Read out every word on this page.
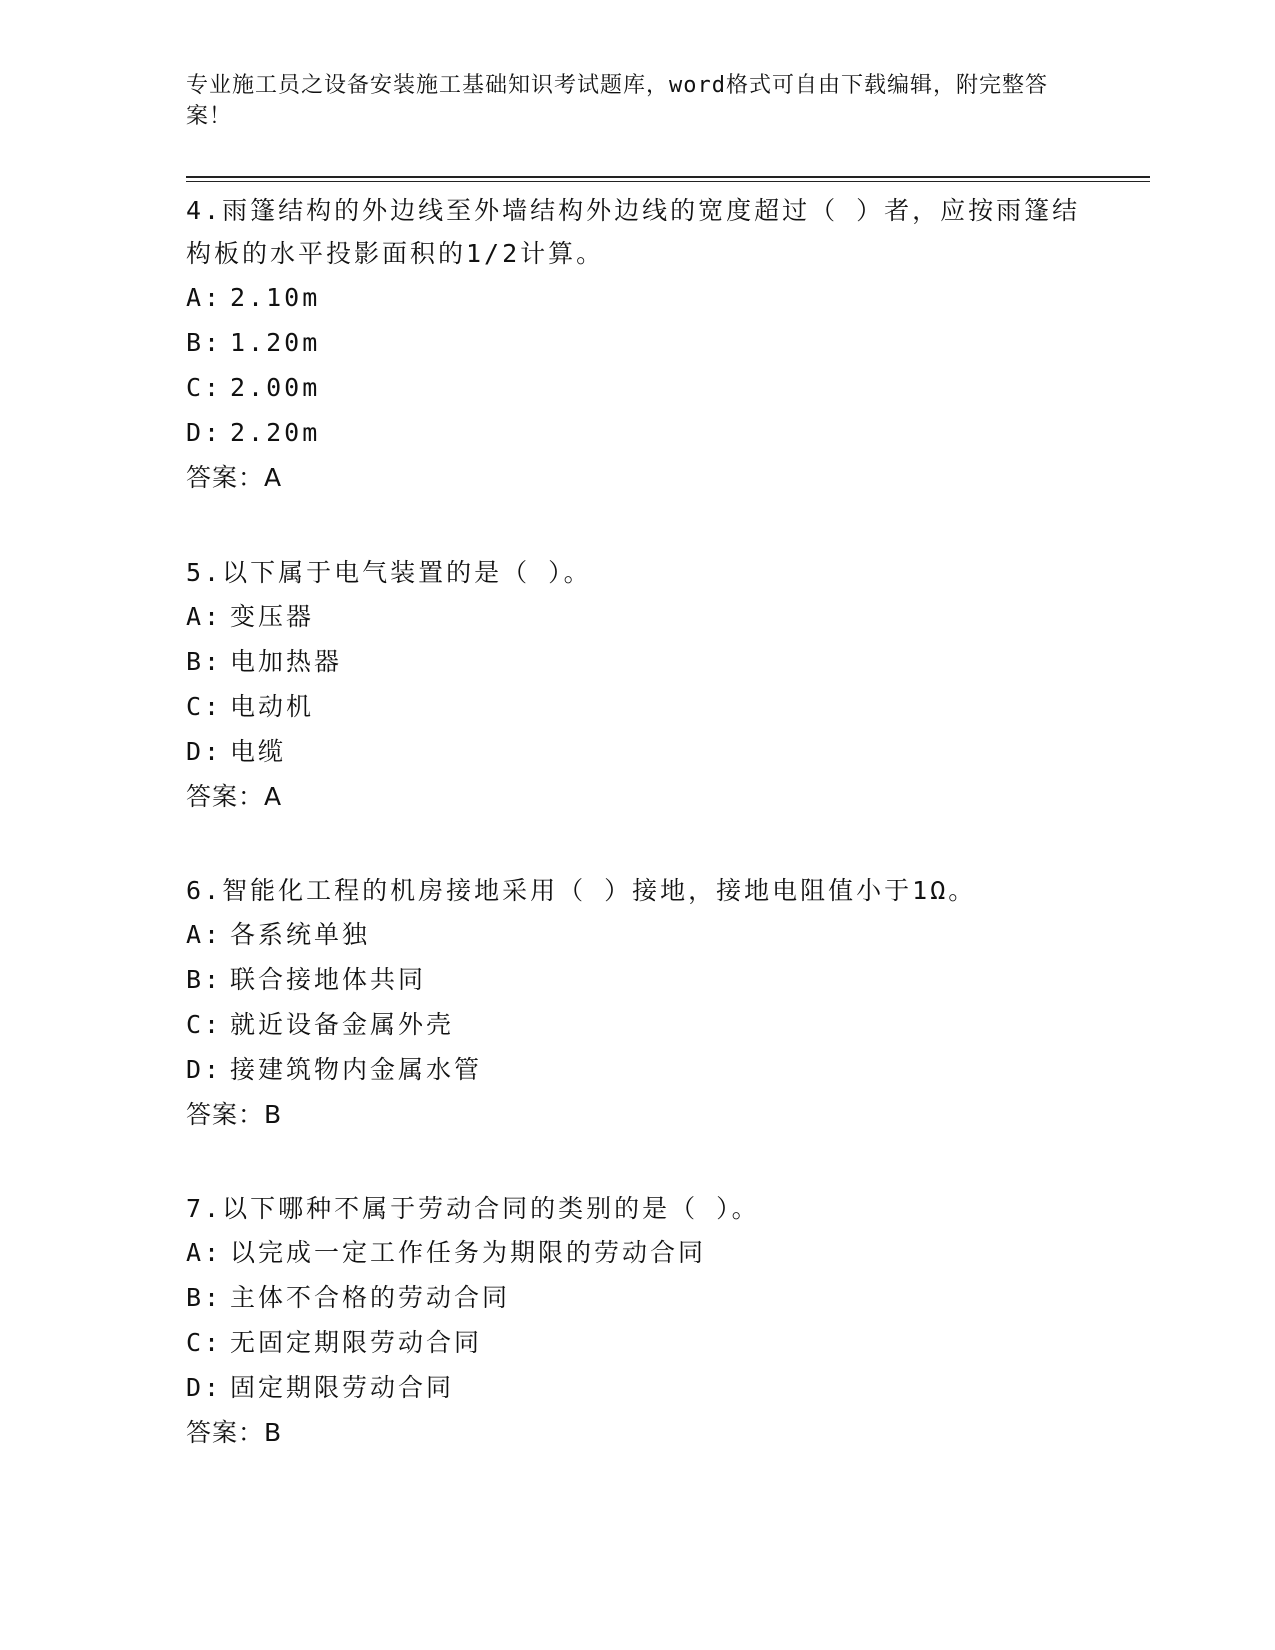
专业施工员之设备安装施工基础知识考试题库，word格式可自由下载编辑，附完整答案！

4.雨篷结构的外边线至外墙结构外边线的宽度超过（ ）者，应按雨篷结构板的水平投影面积的1/2计算。

A: 2.10m

B: 1.20m

C: 2.00m

D: 2.20m

答案：A

5.以下属于电气装置的是（ ）。

A: 变压器

B: 电加热器

C: 电动机

D: 电缆

答案：A

6.智能化工程的机房接地采用（ ）接地，接地电阻值小于1Ω。

A: 各系统单独

B: 联合接地体共同

C: 就近设备金属外壳

D: 接建筑物内金属水管

答案：B

7.以下哪种不属于劳动合同的类别的是（ ）。

A: 以完成一定工作任务为期限的劳动合同

B: 主体不合格的劳动合同

C: 无固定期限劳动合同

D: 固定期限劳动合同

答案：B
